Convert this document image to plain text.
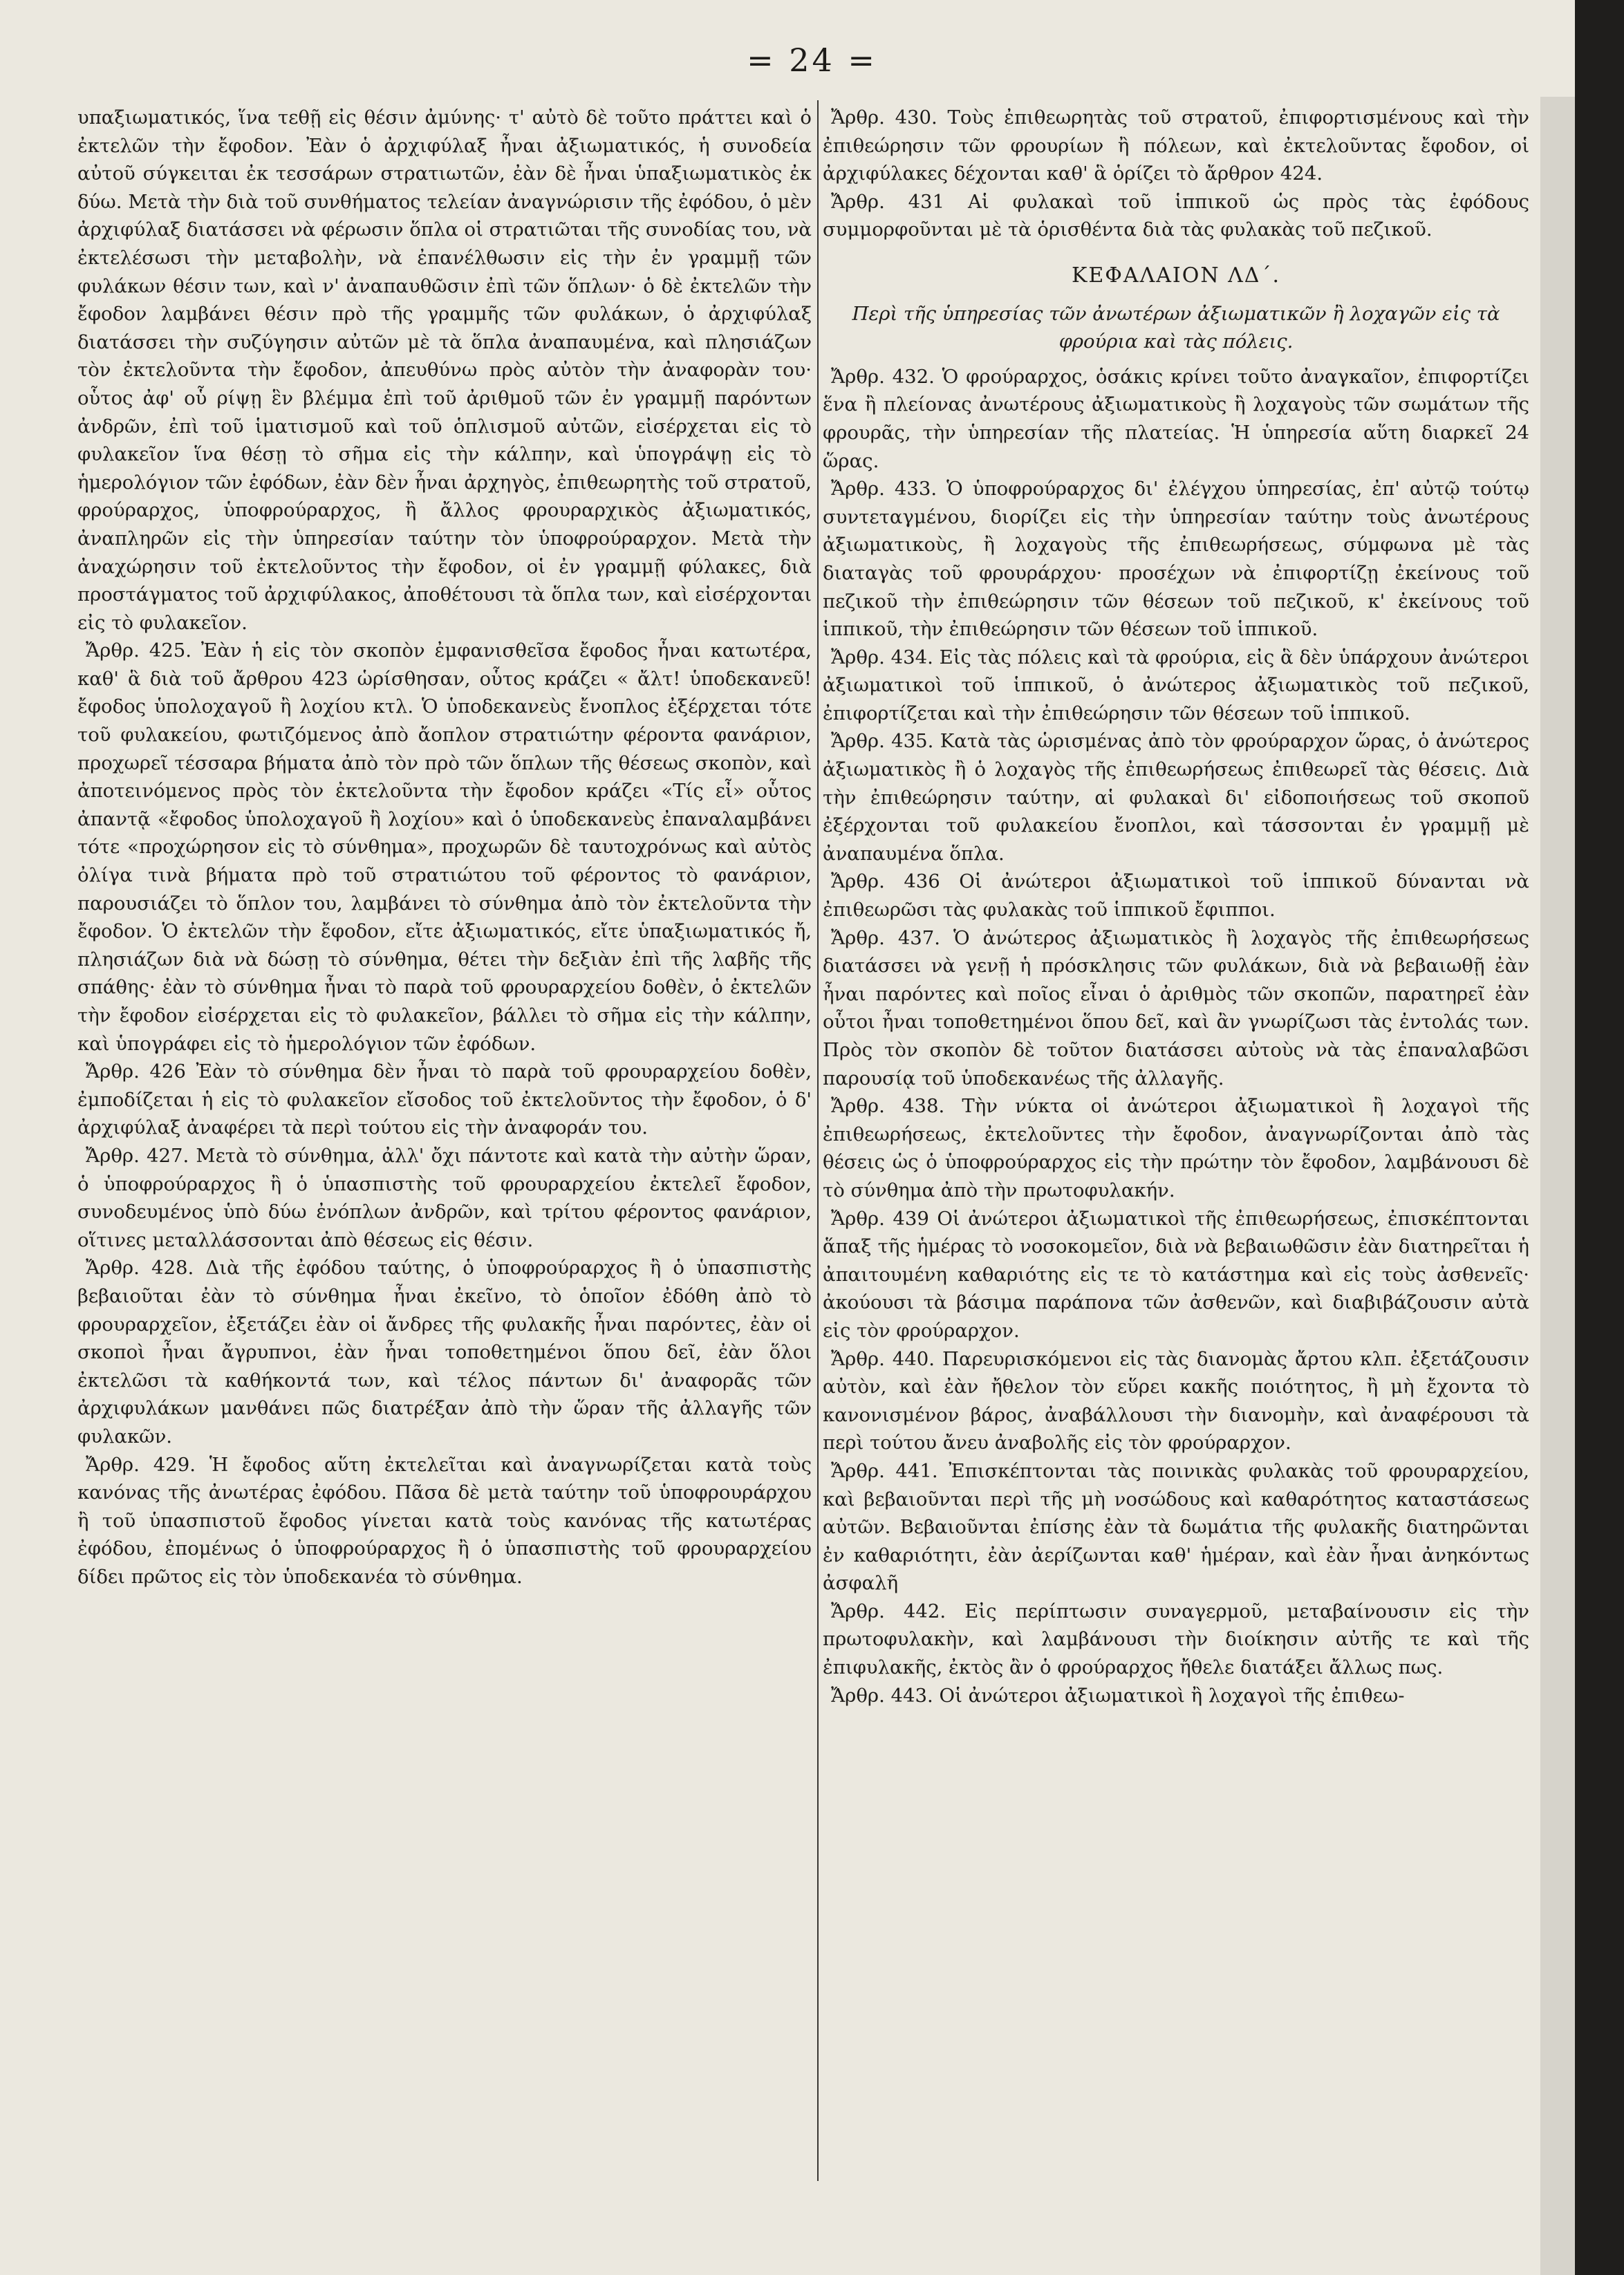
= 24 =

υπαξιωματικός, ἵνα τεθῇ εἰς θέσιν ἀμύνης· τ' αὐτὸ δὲ τοῦτο πράττει καὶ ὁ ἐκτελῶν τὴν ἔφοδον. Ἐὰν ὁ ἀρχιφύλαξ ἦναι ἀξιωματικός, ἡ συνοδεία αὐτοῦ σύγκειται ἐκ τεσσάρων στρατιωτῶν, ἐὰν δὲ ἦναι ὑπαξιωματικὸς ἐκ δύω. Μετὰ τὴν διὰ τοῦ συνθήματος τελείαν ἀναγνώρισιν τῆς ἐφόδου, ὁ μὲν ἀρχιφύλαξ διατάσσει νὰ φέρωσιν ὅπλα οἱ στρατιῶται τῆς συνοδίας του, νὰ ἐκτελέσωσι τὴν μεταβολὴν, νὰ ἐπανέλθωσιν εἰς τὴν ἐν γραμμῇ τῶν φυλάκων θέσιν των, καὶ ν' ἀναπαυθῶσιν ἐπὶ τῶν ὅπλων· ὁ δὲ ἐκτελῶν τὴν ἔφοδον λαμβάνει θέσιν πρὸ τῆς γραμμῆς τῶν φυλάκων, ὁ ἀρχιφύλαξ διατάσσει τὴν συζύγησιν αὐτῶν μὲ τὰ ὅπλα ἀναπαυμένα, καὶ πλησιάζων τὸν ἐκτελοῦντα τὴν ἔφοδον, ἀπευθύνω πρὸς αὐτὸν τὴν ἀναφορὰν του· οὗτος ἀφ' οὗ ρίψῃ ἓν βλέμμα ἐπὶ τοῦ ἀριθμοῦ τῶν ἐν γραμμῇ παρόντων ἀνδρῶν, ἐπὶ τοῦ ἱματισμοῦ καὶ τοῦ ὁπλισμοῦ αὐτῶν, εἰσέρχεται εἰς τὸ φυλακεῖον ἵνα θέσῃ τὸ σῆμα εἰς τὴν κάλπην, καὶ ὑπογράψῃ εἰς τὸ ἡμερολόγιον τῶν ἐφόδων, ἐὰν δὲν ἦναι ἀρχηγὸς, ἐπιθεωρητὴς τοῦ στρατοῦ, φρούραρχος, ὑποφρούραρχος, ἢ ἄλλος φρουραρχικὸς ἀξιωματικός, ἀναπληρῶν εἰς τὴν ὑπηρεσίαν ταύτην τὸν ὑποφρούραρχον. Μετὰ τὴν ἀναχώρησιν τοῦ ἐκτελοῦντος τὴν ἔφοδον, οἱ ἐν γραμμῇ φύλακες, διὰ προστάγματος τοῦ ἀρχιφύλακος, ἀποθέτουσι τὰ ὅπλα των, καὶ εἰσέρχονται εἰς τὸ φυλακεῖον.

Ἄρθρ. 425. Ἐὰν ἡ εἰς τὸν σκοπὸν ἐμφανισθεῖσα ἔφοδος ἦναι κατωτέρα, καθ' ἃ διὰ τοῦ ἄρθρου 423 ὡρίσθησαν, οὗτος κράζει « ἄλτ! ὑποδεκανεῦ! ἔφοδος ὑπολοχαγοῦ ἢ λοχίου κτλ. Ὁ ὑποδεκανεὺς ἔνοπλος ἐξέρχεται τότε τοῦ φυλακείου, φωτιζόμενος ἀπὸ ἄοπλον στρατιώτην φέροντα φανάριον, προχωρεῖ τέσσαρα βήματα ἀπὸ τὸν πρὸ τῶν ὅπλων τῆς θέσεως σκοπὸν, καὶ ἀποτεινόμενος πρὸς τὸν ἐκτελοῦντα τὴν ἔφοδον κράζει «Τίς εἶ» οὗτος ἀπαντᾷ «ἔφοδος ὑπολοχαγοῦ ἢ λοχίου» καὶ ὁ ὑποδεκανεὺς ἐπαναλαμβάνει τότε «προχώρησον εἰς τὸ σύνθημα», προχωρῶν δὲ ταυτοχρόνως καὶ αὐτὸς ὀλίγα τινὰ βήματα πρὸ τοῦ στρατιώτου τοῦ φέροντος τὸ φανάριον, παρουσιάζει τὸ ὅπλον του, λαμβάνει τὸ σύνθημα ἀπὸ τὸν ἐκτελοῦντα τὴν ἔφοδον. Ὁ ἐκτελῶν τὴν ἔφοδον, εἴτε ἀξιωματικός, εἴτε ὑπαξιωματικός ἤ, πλησιάζων διὰ νὰ δώσῃ τὸ σύνθημα, θέτει τὴν δεξιὰν ἐπὶ τῆς λαβῆς τῆς σπάθης· ἐὰν τὸ σύνθημα ἦναι τὸ παρὰ τοῦ φρουραρχείου δοθὲν, ὁ ἐκτελῶν τὴν ἔφοδον εἰσέρχεται εἰς τὸ φυλακεῖον, βάλλει τὸ σῆμα εἰς τὴν κάλπην, καὶ ὑπογράφει εἰς τὸ ἡμερολόγιον τῶν ἐφόδων.

Ἄρθρ. 426 Ἐὰν τὸ σύνθημα δὲν ἦναι τὸ παρὰ τοῦ φρουραρχείου δοθὲν, ἐμποδίζεται ἡ εἰς τὸ φυλακεῖον εἴσοδος τοῦ ἐκτελοῦντος τὴν ἔφοδον, ὁ δ' ἀρχιφύλαξ ἀναφέρει τὰ περὶ τούτου εἰς τὴν ἀναφοράν του.

Ἄρθρ. 427. Μετὰ τὸ σύνθημα, ἀλλ' ὄχι πάντοτε καὶ κατὰ τὴν αὐτὴν ὥραν, ὁ ὑποφρούραρχος ἢ ὁ ὑπασπιστὴς τοῦ φρουραρχείου ἐκτελεῖ ἔφοδον, συνοδευμένος ὑπὸ δύω ἐνόπλων ἀνδρῶν, καὶ τρίτου φέροντος φανάριον, οἵτινες μεταλλάσσονται ἀπὸ θέσεως εἰς θέσιν.

Ἄρθρ. 428. Διὰ τῆς ἐφόδου ταύτης, ὁ ὑποφρούραρχος ἢ ὁ ὑπασπιστὴς βεβαιοῦται ἐὰν τὸ σύνθημα ἦναι ἐκεῖνο, τὸ ὁποῖον ἐδόθη ἀπὸ τὸ φρουραρχεῖον, ἐξετάζει ἐὰν οἱ ἄνδρες τῆς φυλακῆς ἦναι παρόντες, ἐὰν οἱ σκοποὶ ἦναι ἄγρυπνοι, ἐὰν ἦναι τοποθετημένοι ὅπου δεῖ, ἐὰν ὅλοι ἐκτελῶσι τὰ καθήκοντά των, καὶ τέλος πάντων δι' ἀναφορᾶς τῶν ἀρχιφυλάκων μανθάνει πῶς διατρέξαν ἀπὸ τὴν ὥραν τῆς ἀλλαγῆς τῶν φυλακῶν.

Ἄρθρ. 429. Ἡ ἔφοδος αὕτη ἐκτελεῖται καὶ ἀναγνωρίζεται κατὰ τοὺς κανόνας τῆς ἀνωτέρας ἐφόδου. Πᾶσα δὲ μετὰ ταύτην τοῦ ὑποφρουράρχου ἢ τοῦ ὑπασπιστοῦ ἔφοδος γίνεται κατὰ τοὺς κανόνας τῆς κατωτέρας ἐφόδου, ἐπομένως ὁ ὑποφρούραρχος ἢ ὁ ὑπασπιστὴς τοῦ φρουραρχείου δίδει πρῶτος εἰς τὸν ὑποδεκανέα τὸ σύνθημα.

Ἄρθρ. 430. Τοὺς ἐπιθεωρητὰς τοῦ στρατοῦ, ἐπιφορτισμένους καὶ τὴν ἐπιθεώρησιν τῶν φρουρίων ἢ πόλεων, καὶ ἐκτελοῦντας ἔφοδον, οἱ ἀρχιφύλακες δέχονται καθ' ἃ ὁρίζει τὸ ἄρθρον 424.

Ἄρθρ. 431 Αἱ φυλακαὶ τοῦ ἱππικοῦ ὡς πρὸς τὰς ἐφόδους συμμορφοῦνται μὲ τὰ ὁρισθέντα διὰ τὰς φυλακὰς τοῦ πεζικοῦ.

ΚΕΦΑΛΑΙΟΝ ΛΔ΄.
Περὶ τῆς ὑπηρεσίας τῶν ἀνωτέρων ἀξιωματικῶν ἢ λοχαγῶν εἰς τὰ φρούρια καὶ τὰς πόλεις.

Ἄρθρ. 432. Ὁ φρούραρχος, ὁσάκις κρίνει τοῦτο ἀναγκαῖον, ἐπιφορτίζει ἕνα ἢ πλείονας ἀνωτέρους ἀξιωματικοὺς ἢ λοχαγοὺς τῶν σωμάτων τῆς φρουρᾶς, τὴν ὑπηρεσίαν τῆς πλατείας. Ἡ ὑπηρεσία αὕτη διαρκεῖ 24 ὥρας.

Ἄρθρ. 433. Ὁ ὑποφρούραρχος δι' ἐλέγχου ὑπηρεσίας, ἐπ' αὐτῷ τούτῳ συντεταγμένου, διορίζει εἰς τὴν ὑπηρεσίαν ταύτην τοὺς ἀνωτέρους ἀξιωματικοὺς, ἢ λοχαγοὺς τῆς ἐπιθεωρήσεως, σύμφωνα μὲ τὰς διαταγὰς τοῦ φρουράρχου· προσέχων νὰ ἐπιφορτίζῃ ἐκείνους τοῦ πεζικοῦ τὴν ἐπιθεώρησιν τῶν θέσεων τοῦ πεζικοῦ, κ' ἐκείνους τοῦ ἱππικοῦ, τὴν ἐπιθεώρησιν τῶν θέσεων τοῦ ἱππικοῦ.

Ἄρθρ. 434. Εἰς τὰς πόλεις καὶ τὰ φρούρια, εἰς ἃ δὲν ὑπάρχουν ἀνώτεροι ἀξιωματικοὶ τοῦ ἱππικοῦ, ὁ ἀνώτερος ἀξιωματικὸς τοῦ πεζικοῦ, ἐπιφορτίζεται καὶ τὴν ἐπιθεώρησιν τῶν θέσεων τοῦ ἱππικοῦ.

Ἄρθρ. 435. Κατὰ τὰς ὡρισμένας ἀπὸ τὸν φρούραρχον ὥρας, ὁ ἀνώτερος ἀξιωματικὸς ἢ ὁ λοχαγὸς τῆς ἐπιθεωρήσεως ἐπιθεωρεῖ τὰς θέσεις. Διὰ τὴν ἐπιθεώρησιν ταύτην, αἱ φυλακαὶ δι' εἰδοποιήσεως τοῦ σκοποῦ ἐξέρχονται τοῦ φυλακείου ἔνοπλοι, καὶ τάσσονται ἐν γραμμῇ μὲ ἀναπαυμένα ὅπλα.

Ἄρθρ. 436 Οἱ ἀνώτεροι ἀξιωματικοὶ τοῦ ἱππικοῦ δύνανται νὰ ἐπιθεωρῶσι τὰς φυλακὰς τοῦ ἱππικοῦ ἔφιπποι.

Ἄρθρ. 437. Ὁ ἀνώτερος ἀξιωματικὸς ἢ λοχαγὸς τῆς ἐπιθεωρήσεως διατάσσει νὰ γενῇ ἡ πρόσκλησις τῶν φυλάκων, διὰ νὰ βεβαιωθῇ ἐὰν ἦναι παρόντες καὶ ποῖος εἶναι ὁ ἀριθμὸς τῶν σκοπῶν, παρατηρεῖ ἐὰν οὗτοι ἦναι τοποθετημένοι ὅπου δεῖ, καὶ ἂν γνωρίζωσι τὰς ἐντολάς των. Πρὸς τὸν σκοπὸν δὲ τοῦτον διατάσσει αὐτοὺς νὰ τὰς ἐπαναλαβῶσι παρουσίᾳ τοῦ ὑποδεκανέως τῆς ἀλλαγῆς.

Ἄρθρ. 438. Τὴν νύκτα οἱ ἀνώτεροι ἀξιωματικοὶ ἢ λοχαγοὶ τῆς ἐπιθεωρήσεως, ἐκτελοῦντες τὴν ἔφοδον, ἀναγνωρίζονται ἀπὸ τὰς θέσεις ὡς ὁ ὑποφρούραρχος εἰς τὴν πρώτην τὸν ἔφοδον, λαμβάνουσι δὲ τὸ σύνθημα ἀπὸ τὴν πρωτοφυλακήν.

Ἄρθρ. 439 Οἱ ἀνώτεροι ἀξιωματικοὶ τῆς ἐπιθεωρήσεως, ἐπισκέπτονται ἅπαξ τῆς ἡμέρας τὸ νοσοκομεῖον, διὰ νὰ βεβαιωθῶσιν ἐὰν διατηρεῖται ἡ ἀπαιτουμένη καθαριότης εἰς τε τὸ κατάστημα καὶ εἰς τοὺς ἀσθενεῖς· ἀκούουσι τὰ βάσιμα παράπονα τῶν ἀσθενῶν, καὶ διαβιβάζουσιν αὐτὰ εἰς τὸν φρούραρχον.

Ἄρθρ. 440. Παρευρισκόμενοι εἰς τὰς διανομὰς ἄρτου κλπ. ἐξετάζουσιν αὐτὸν, καὶ ἐὰν ἤθελον τὸν εὕρει κακῆς ποιότητος, ἢ μὴ ἔχοντα τὸ κανονισμένον βάρος, ἀναβάλλουσι τὴν διανομὴν, καὶ ἀναφέρουσι τὰ περὶ τούτου ἄνευ ἀναβολῆς εἰς τὸν φρούραρχον.

Ἄρθρ. 441. Ἐπισκέπτονται τὰς ποινικὰς φυλακὰς τοῦ φρουραρχείου, καὶ βεβαιοῦνται περὶ τῆς μὴ νοσώδους καὶ καθαρότητος καταστάσεως αὐτῶν. Βεβαιοῦνται ἐπίσης ἐὰν τὰ δωμάτια τῆς φυλακῆς διατηρῶνται ἐν καθαριότητι, ἐὰν ἀερίζωνται καθ' ἡμέραν, καὶ ἐὰν ἦναι ἀνηκόντως ἀσφαλῆ

Ἄρθρ. 442. Εἰς περίπτωσιν συναγερμοῦ, μεταβαίνουσιν εἰς τὴν πρωτοφυλακὴν, καὶ λαμβάνουσι τὴν διοίκησιν αὐτῆς τε καὶ τῆς ἐπιφυλακῆς, ἐκτὸς ἂν ὁ φρούραρχος ἤθελε διατάξει ἄλλως πως.

Ἄρθρ. 443. Οἱ ἀνώτεροι ἀξιωματικοὶ ἢ λοχαγοὶ τῆς ἐπιθεω-
